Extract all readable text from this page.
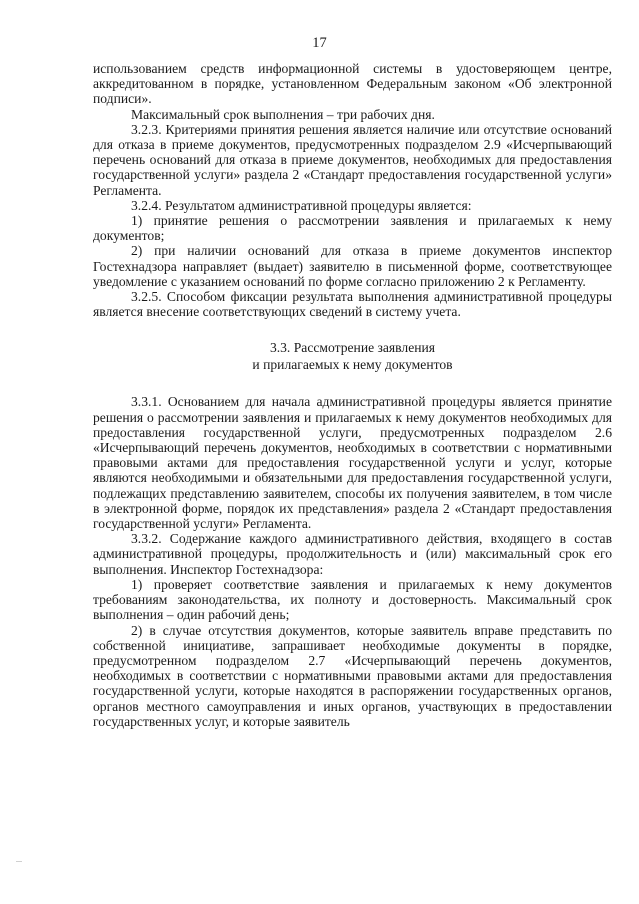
17

использованием средств информационной системы в удостоверяющем центре, аккредитованном в порядке, установленном Федеральным законом «Об электронной подписи».

Максимальный срок выполнения – три рабочих дня.

3.2.3. Критериями принятия решения является наличие или отсутствие оснований для отказа в приеме документов, предусмотренных подразделом 2.9 «Исчерпывающий перечень оснований для отказа в приеме документов, необходимых для предоставления государственной услуги» раздела 2 «Стандарт предоставления государственной услуги» Регламента.

3.2.4. Результатом административной процедуры является:

1) принятие решения о рассмотрении заявления и прилагаемых к нему документов;

2) при наличии оснований для отказа в приеме документов инспектор Гостехнадзора направляет (выдает) заявителю в письменной форме, соответствующее уведомление с указанием оснований по форме согласно приложению 2 к Регламенту.

3.2.5. Способом фиксации результата выполнения административной процедуры является внесение соответствующих сведений в систему учета.

3.3. Рассмотрение заявления
и прилагаемых к нему документов

3.3.1. Основанием для начала административной процедуры является принятие решения о рассмотрении заявления и прилагаемых к нему документов необходимых для предоставления государственной услуги, предусмотренных подразделом 2.6 «Исчерпывающий перечень документов, необходимых в соответствии с нормативными правовыми актами для предоставления государственной услуги и услуг, которые являются необходимыми и обязательными для предоставления государственной услуги, подлежащих представлению заявителем, способы их получения заявителем, в том числе в электронной форме, порядок их представления» раздела 2 «Стандарт предоставления государственной услуги» Регламента.

3.3.2. Содержание каждого административного действия, входящего в состав административной процедуры, продолжительность и (или) максимальный срок его выполнения. Инспектор Гостехнадзора:

1) проверяет соответствие заявления и прилагаемых к нему документов требованиям законодательства, их полноту и достоверность. Максимальный срок выполнения – один рабочий день;

2) в случае отсутствия документов, которые заявитель вправе представить по собственной инициативе, запрашивает необходимые документы в порядке, предусмотренном подразделом 2.7 «Исчерпывающий перечень документов, необходимых в соответствии с нормативными правовыми актами для предоставления государственной услуги, которые находятся в распоряжении государственных органов, органов местного самоуправления и иных органов, участвующих в предоставлении государственных услуг, и которые заявитель
